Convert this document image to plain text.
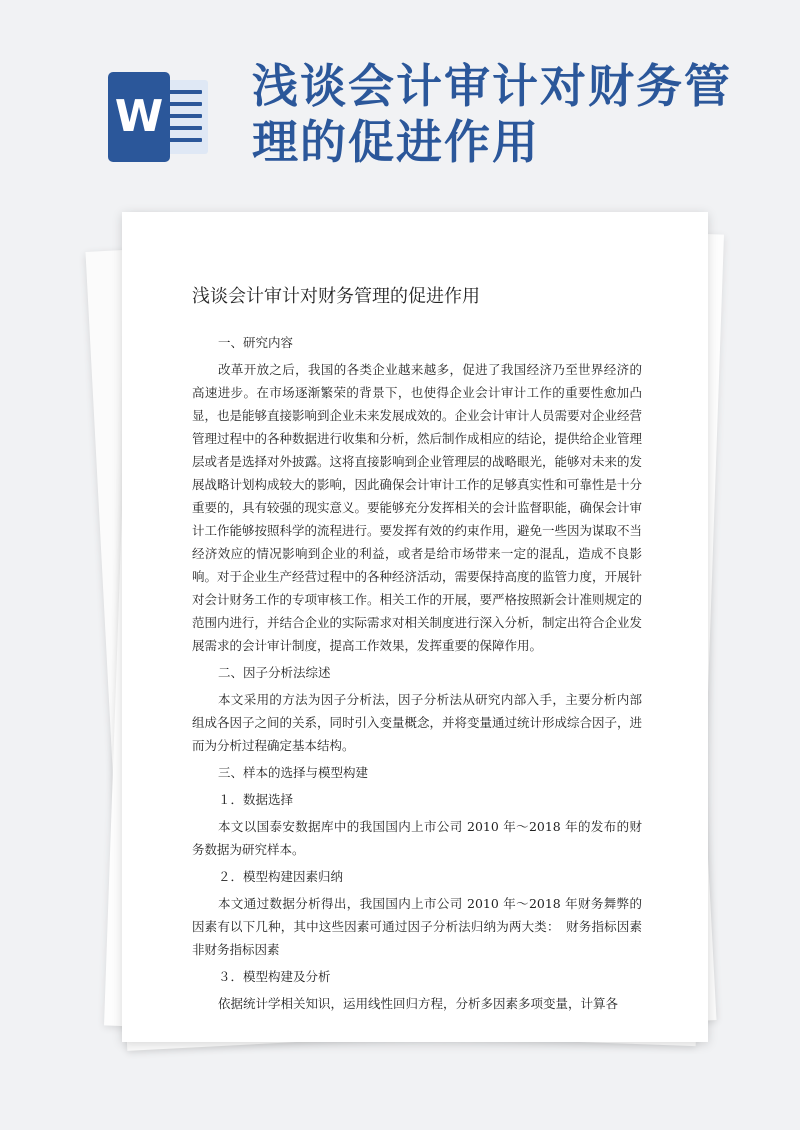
W
浅谈会计审计对财务管理的促进作用
浅谈会计审计对财务管理的促进作用

一、研究内容

改革开放之后，我国的各类企业越来越多，促进了我国经济乃至世界经济的高速进步。在市场逐渐繁荣的背景下，也使得企业会计审计工作的重要性愈加凸显，也是能够直接影响到企业未来发展成效的。企业会计审计人员需要对企业经营管理过程中的各种数据进行收集和分析，然后制作成相应的结论，提供给企业管理层或者是选择对外披露。这将直接影响到企业管理层的战略眼光，能够对未来的发展战略计划构成较大的影响，因此确保会计审计工作的足够真实性和可靠性是十分重要的，具有较强的现实意义。要能够充分发挥相关的会计监督职能，确保会计审计工作能够按照科学的流程进行。要发挥有效的约束作用，避免一些因为谋取不当经济效应的情况影响到企业的利益，或者是给市场带来一定的混乱，造成不良影响。对于企业生产经营过程中的各种经济活动，需要保持高度的监管力度，开展针对会计财务工作的专项审核工作。相关工作的开展，要严格按照新会计准则规定的范围内进行，并结合企业的实际需求对相关制度进行深入分析，制定出符合企业发展需求的会计审计制度，提高工作效果，发挥重要的保障作用。

二、因子分析法综述

本文采用的方法为因子分析法，因子分析法从研究内部入手，主要分析内部组成各因子之间的关系，同时引入变量概念，并将变量通过统计形成综合因子，进而为分析过程确定基本结构。

三、样本的选择与模型构建

１．数据选择

本文以国泰安数据库中的我国国内上市公司 2010 年～2018 年的发布的财务数据为研究样本。

２．模型构建因素归纳

本文通过数据分析得出，我国国内上市公司 2010 年～2018 年财务舞弊的因素有以下几种，其中这些因素可通过因子分析法归纳为两大类：　财务指标因素　非财务指标因素

３．模型构建及分析

依据统计学相关知识，运用线性回归方程，分析多因素多项变量，计算各
